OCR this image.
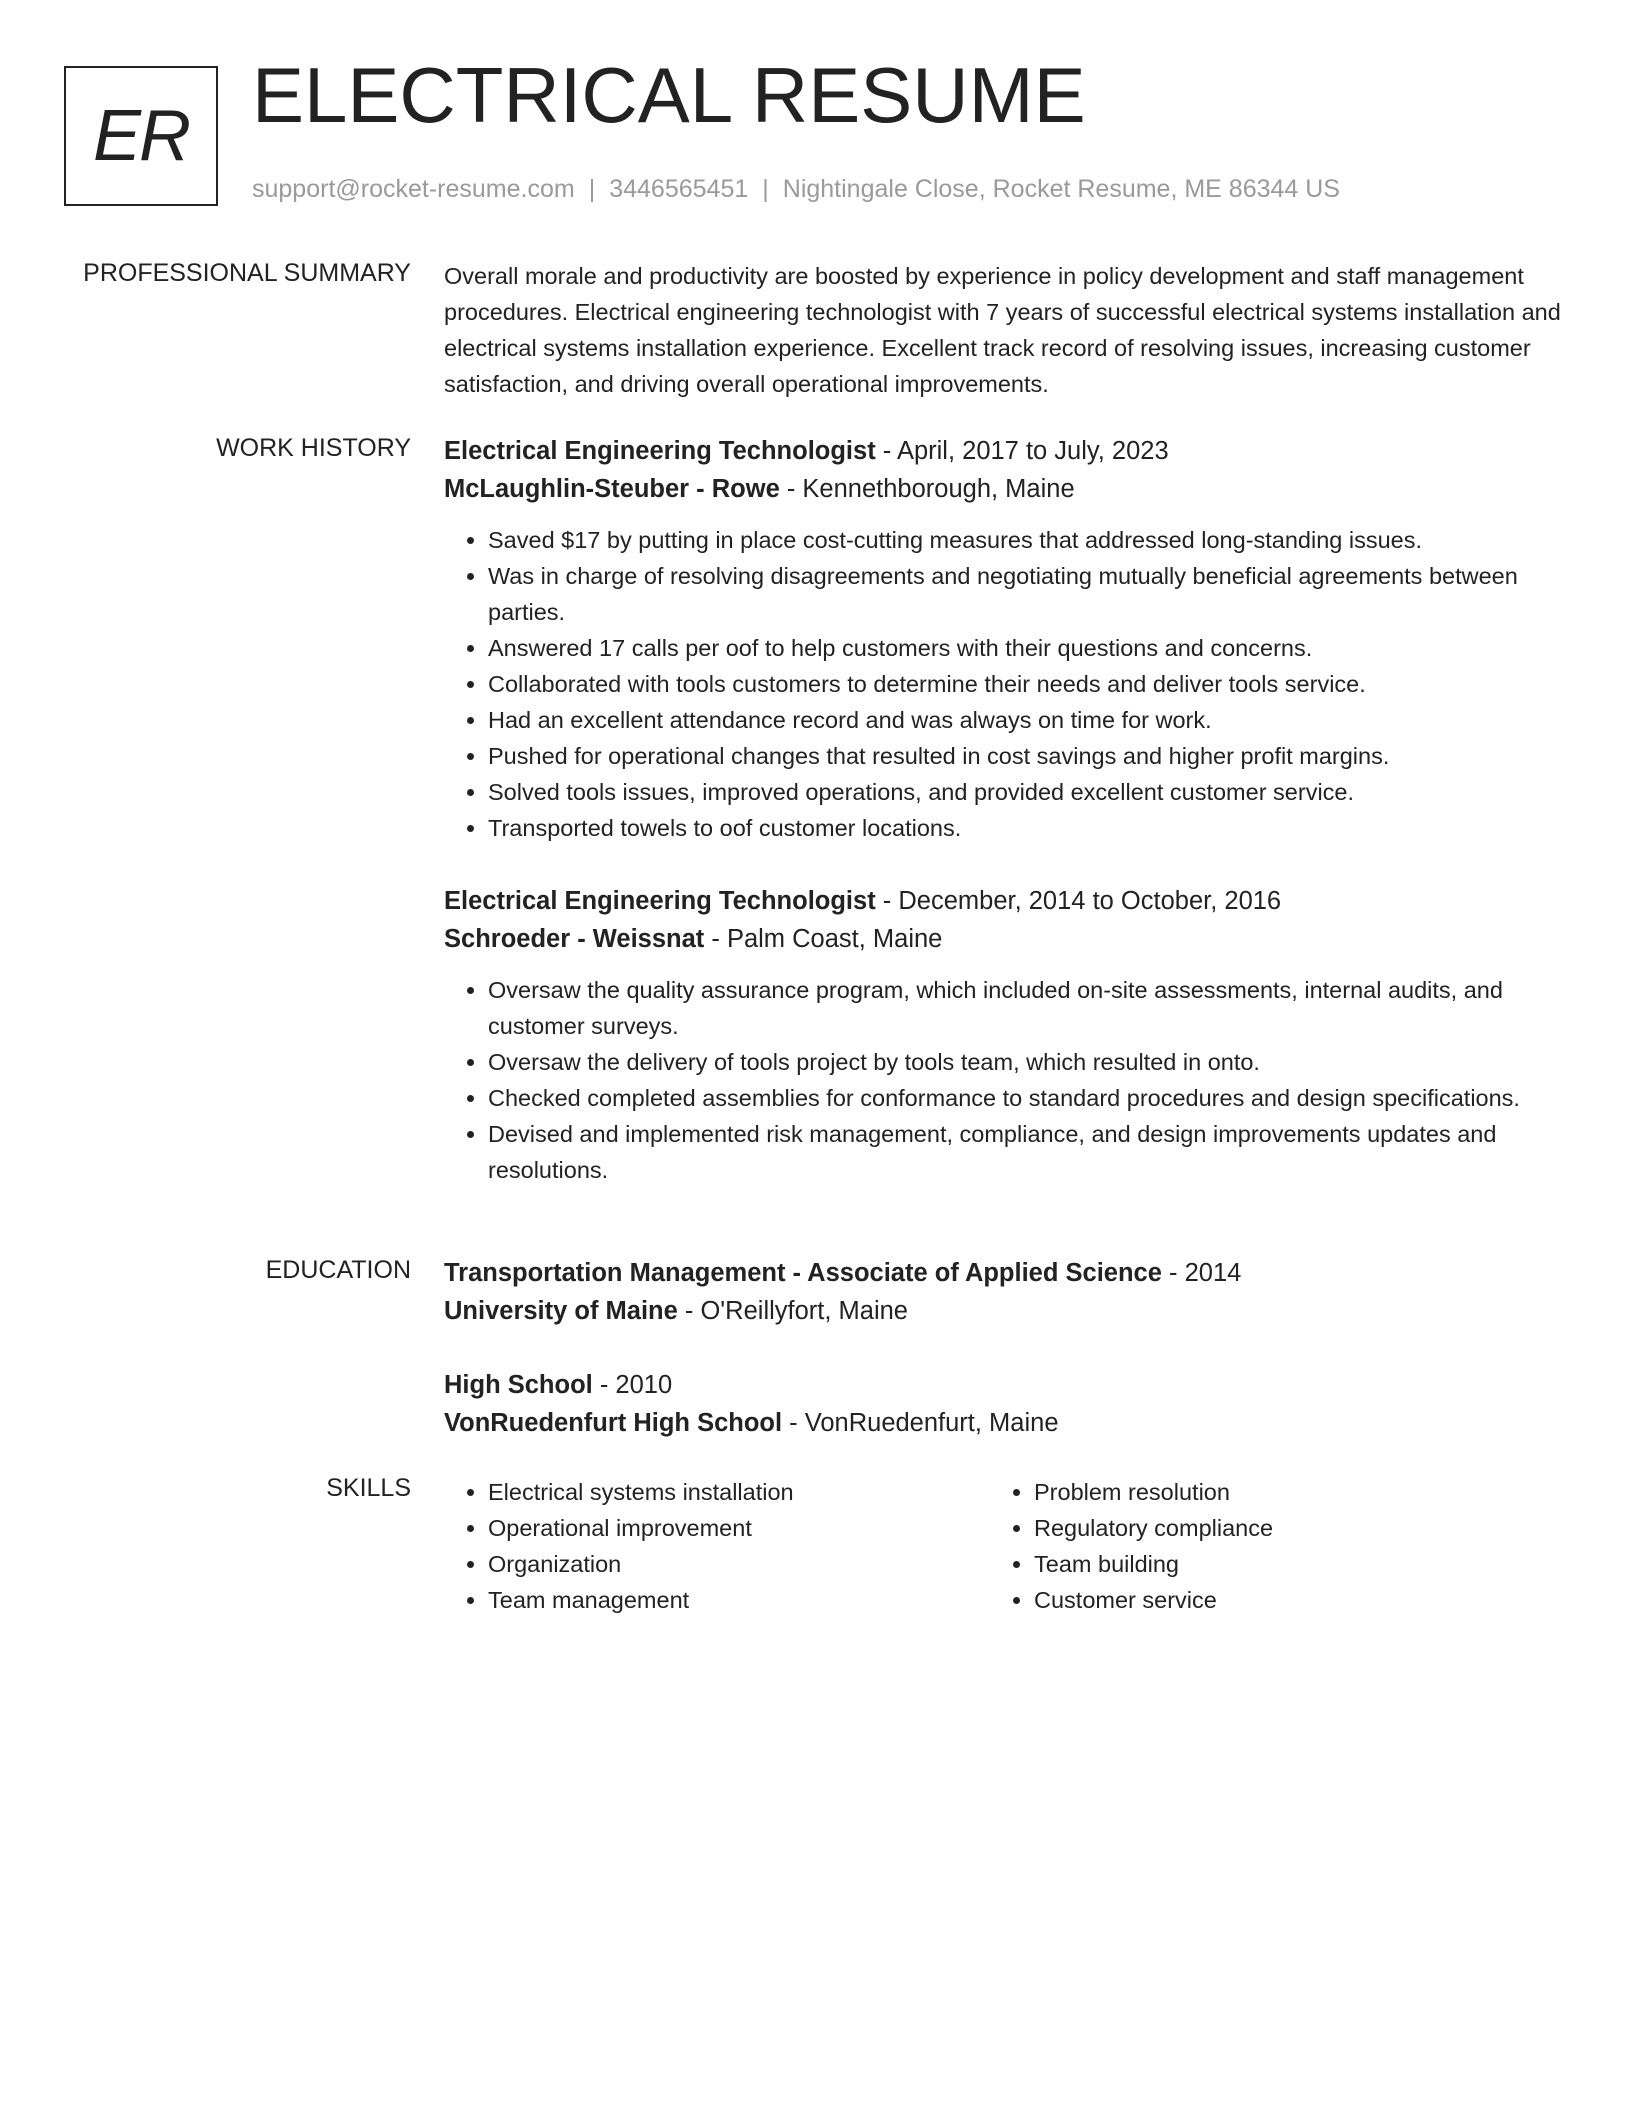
ER ELECTRICAL RESUME
support@rocket-resume.com | 3446565451 | Nightingale Close, Rocket Resume, ME 86344 US
PROFESSIONAL SUMMARY Overall morale and productivity are boosted by experience in policy development and staff management procedures. Electrical engineering technologist with 7 years of successful electrical systems installation and electrical systems installation experience. Excellent track record of resolving issues, increasing customer satisfaction, and driving overall operational improvements.
WORK HISTORY Electrical Engineering Technologist - April, 2017 to July, 2023
McLaughlin-Steuber - Rowe - Kennethborough, Maine
• Saved $17 by putting in place cost-cutting measures that addressed long-standing issues.
• Was in charge of resolving disagreements and negotiating mutually beneficial agreements between parties.
• Answered 17 calls per oof to help customers with their questions and concerns.
• Collaborated with tools customers to determine their needs and deliver tools service.
• Had an excellent attendance record and was always on time for work.
• Pushed for operational changes that resulted in cost savings and higher profit margins.
• Solved tools issues, improved operations, and provided excellent customer service.
• Transported towels to oof customer locations.
Electrical Engineering Technologist - December, 2014 to October, 2016
Schroeder - Weissnat - Palm Coast, Maine
• Oversaw the quality assurance program, which included on-site assessments, internal audits, and customer surveys.
• Oversaw the delivery of tools project by tools team, which resulted in onto.
• Checked completed assemblies for conformance to standard procedures and design specifications.
• Devised and implemented risk management, compliance, and design improvements updates and resolutions.
EDUCATION Transportation Management - Associate of Applied Science - 2014
University of Maine - O'Reillyfort, Maine
High School - 2010
VonRuedenfurt High School - VonRuedenfurt, Maine
SKILLS
•	Electrical systems installation
• Operational improvement
• Organization
• Team management
• Problem resolution
• Regulatory compliance
• Team building
• Customer service
